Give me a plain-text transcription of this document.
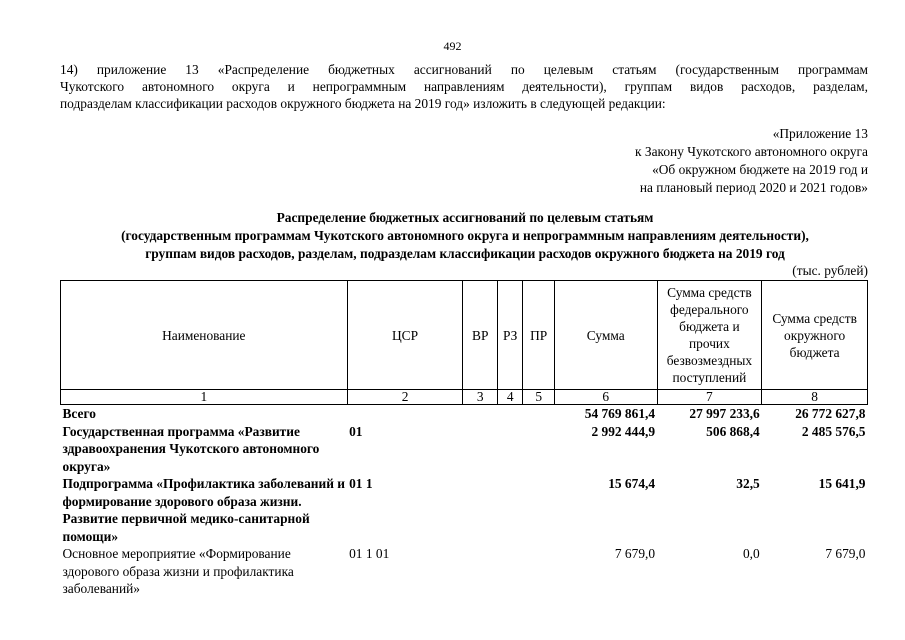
492
14) приложение 13 «Распределение бюджетных ассигнований по целевым статьям (государственным программам
Чукотского автономного округа и непрограммным направлениям деятельности), группам видов расходов, разделам,
подразделам классификации расходов окружного бюджета на 2019 год» изложить в следующей редакции:
«Приложение 13
к Закону Чукотского автономного округа
«Об окружном бюджете на 2019 год и
на плановый период 2020 и 2021 годов»
Распределение бюджетных ассигнований по целевым статьям
(государственным программам Чукотского автономного округа и непрограммным направлениям деятельности),
группам видов расходов, разделам, подразделам классификации расходов окружного бюджета на 2019 год
(тыс. рублей)
Наименование	ЦСР	ВР	РЗ	ПР	Сумма	Сумма средств федерального бюджета и прочих безвозмездных поступлений	Сумма средств окружного бюджета
1	2	3	4	5	6	7	8
Всего					54 769 861,4	27 997 233,6	26 772 627,8
Государственная программа «Развитие здравоохранения Чукотского автономного округа»	01				2 992 444,9	506 868,4	2 485 576,5
Подпрограмма «Профилактика заболеваний и формирование здорового образа жизни. Развитие первичной медико-санитарной помощи»	01 1				15 674,4	32,5	15 641,9
Основное мероприятие «Формирование здорового образа жизни и профилактика заболеваний»	01 1 01				7 679,0	0,0	7 679,0
